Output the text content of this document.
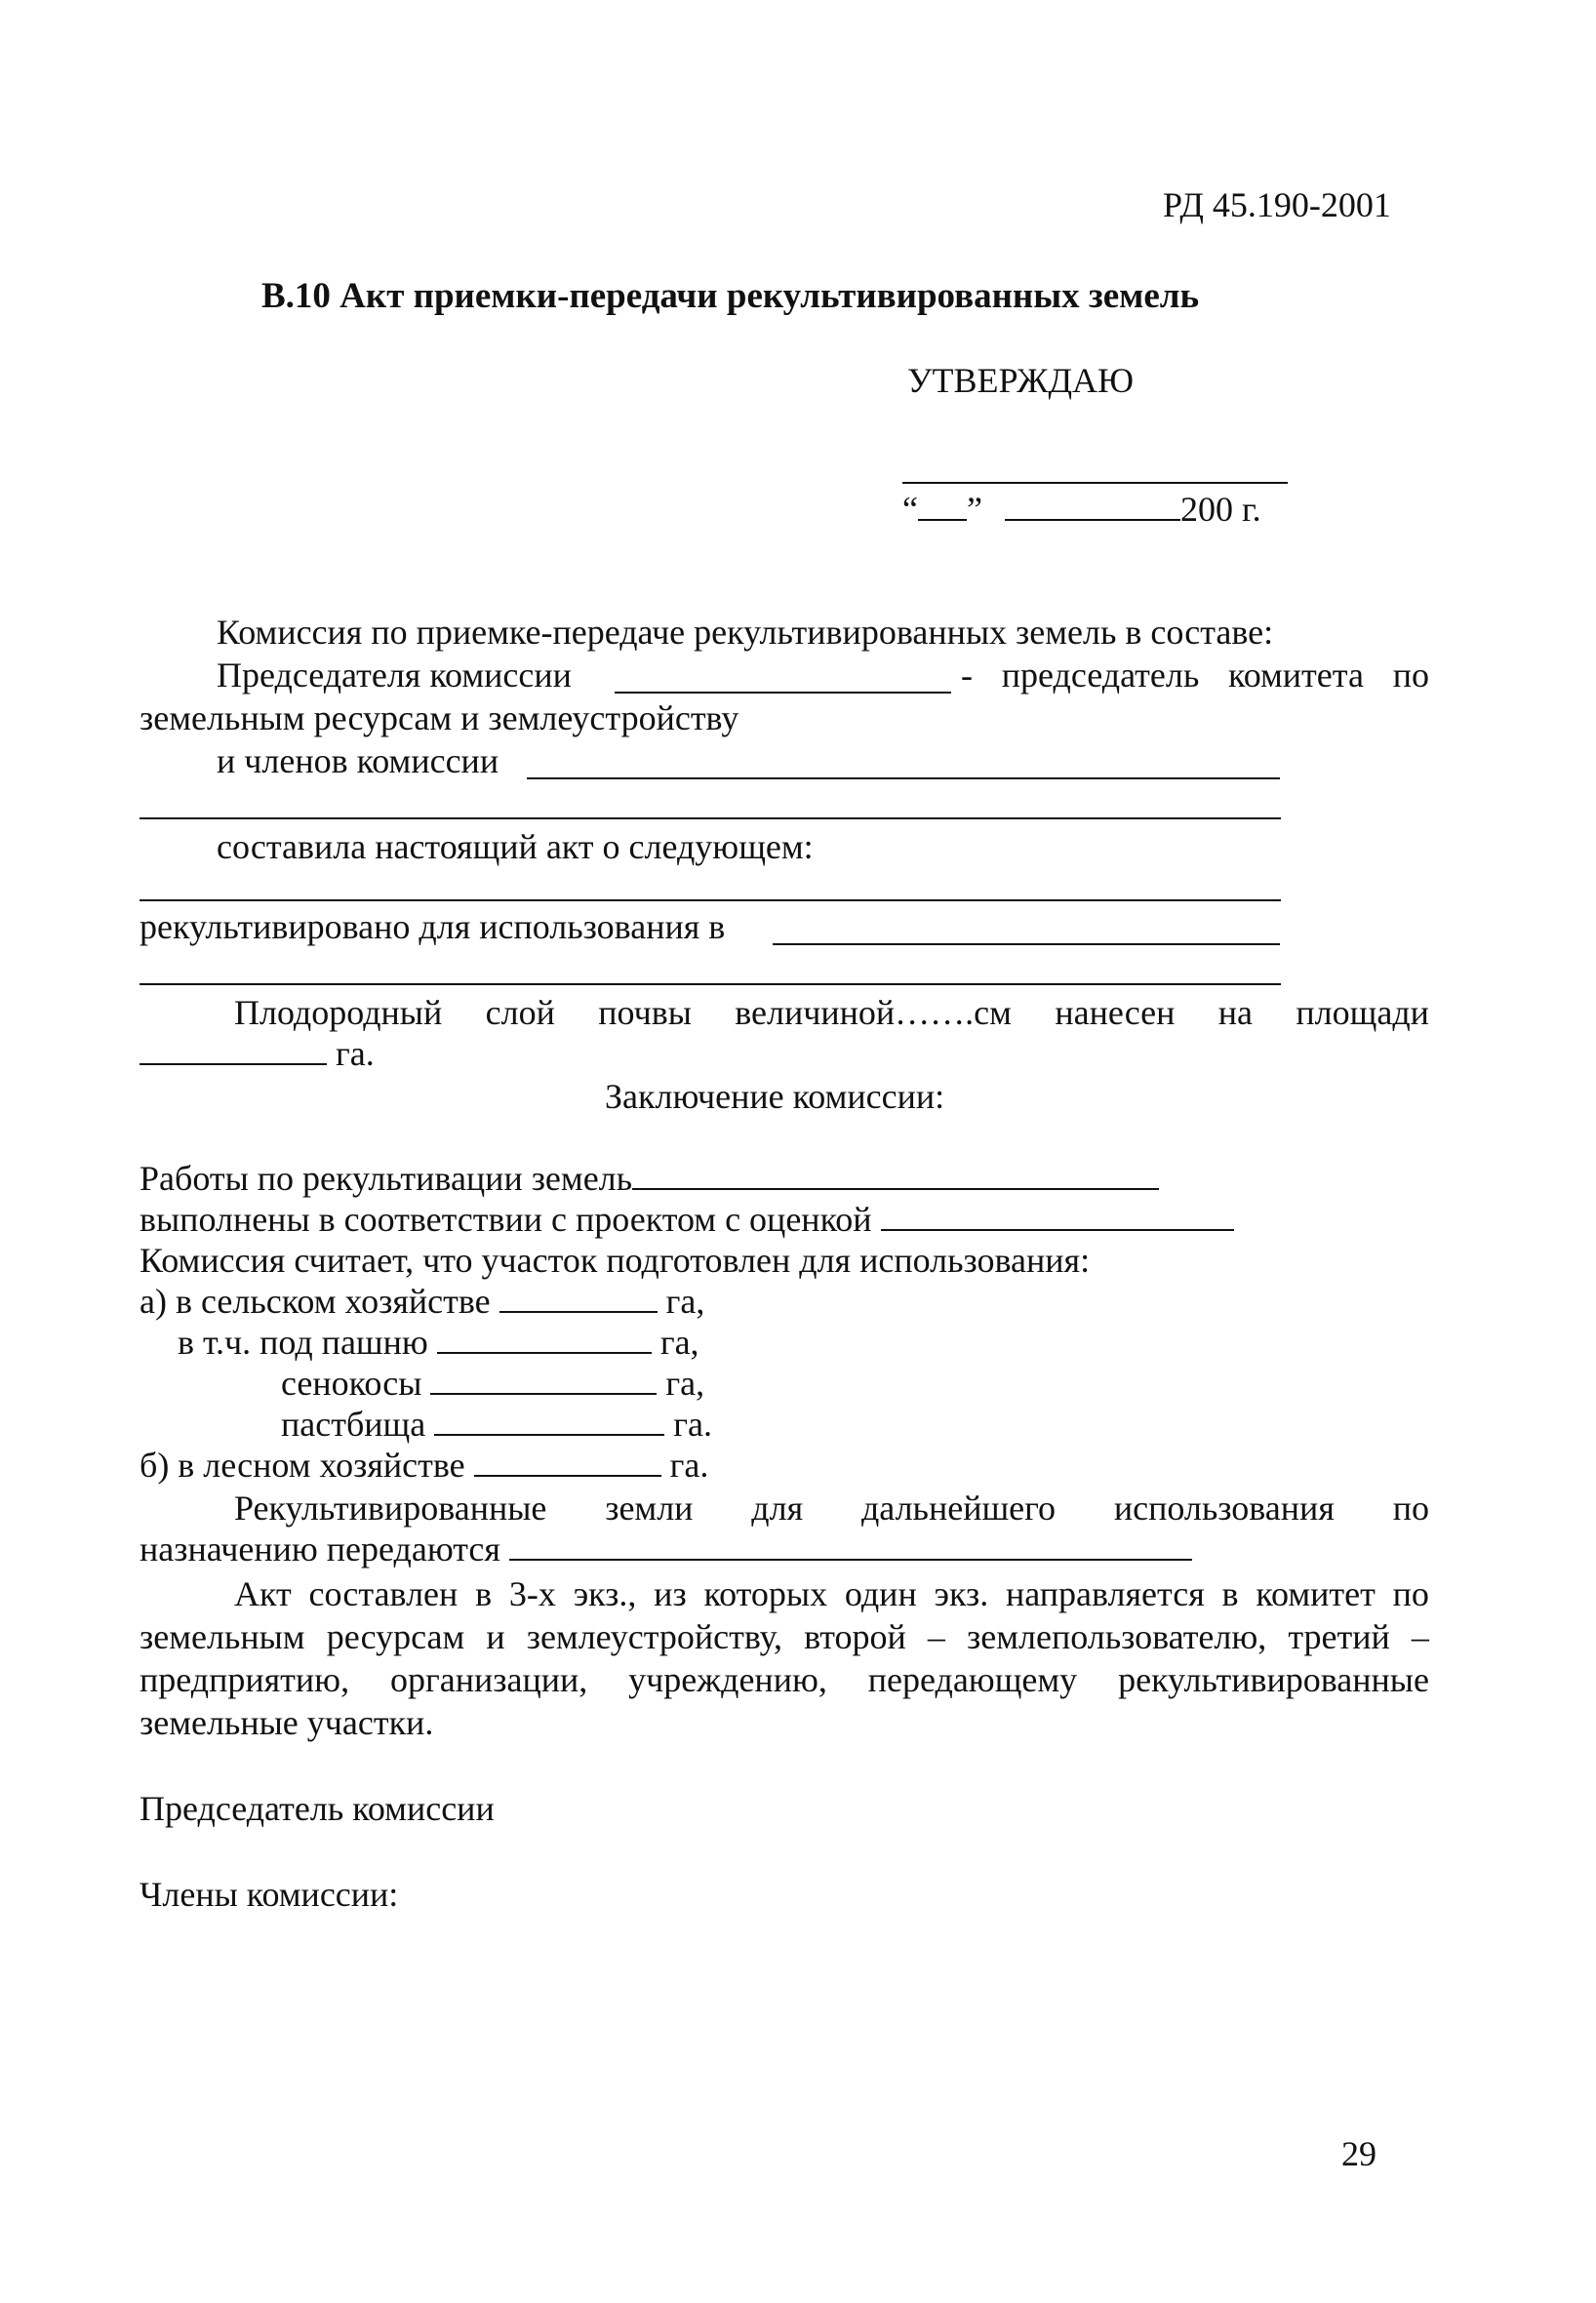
РД 45.190-2001
В.10 Акт приемки-передачи рекультивированных земель
УТВЕРЖДАЮ
“ ”	200 г.
Комиссия по приемке-передаче рекультивированных земель в составе:
Председателя комиссии	- председатель комитета по
земельным ресурсам и землеустройству
и членов комиссии
составила настоящий акт о следующем:
рекультивировано для использования в
Плодородный слой почвы величиной…….см нанесен на площади
га.
Заключение комиссии:
Работы по рекультивации земель
выполнены в соответствии с проектом с оценкой
Комиссия считает, что участок подготовлен для использования:
а) в сельском хозяйстве	га,
в т.ч. под пашню	га,
сенокосы	га,
пастбища	га.
б) в лесном хозяйстве	га.
Рекультивированные земли для дальнейшего использования по
назначению передаются
Акт составлен в 3-х экз., из которых один экз. направляется в комитет по
земельным ресурсам и землеустройству, второй – землепользователю, третий –
предприятию, организации, учреждению, передающему рекультивированные
земельные участки.
Председатель комиссии
Члены комиссии:
29
